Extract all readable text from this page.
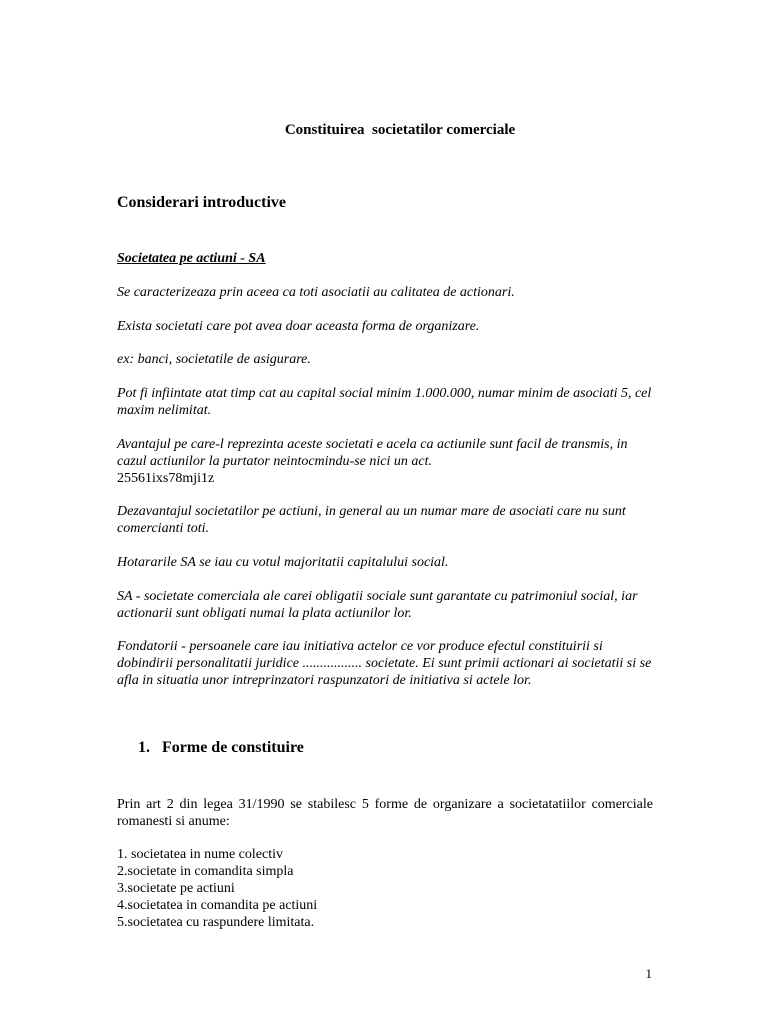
Constituirea  societatilor comerciale
Considerari introductive
Societatea pe actiuni - SA
Se caracterizeaza prin aceea ca toti asociatii au calitatea de actionari.
Exista societati care pot avea doar aceasta forma de organizare.
ex: banci, societatile de asigurare.
Pot fi infiintate atat timp cat au capital social minim 1.000.000, numar minim de asociati 5, cel maxim nelimitat.
Avantajul pe care-l reprezinta aceste societati e acela ca actiunile sunt facil de transmis, in cazul actiunilor la purtator neintocmindu-se nici un act.
25561ixs78mji1z
Dezavantajul societatilor pe actiuni, in general au un numar mare de asociati care nu sunt comercianti toti.
Hotararile SA se iau cu votul majoritatii capitalului social.
SA - societate comerciala ale carei obligatii sociale sunt garantate cu patrimoniul social, iar actionarii sunt obligati numai la plata actiunilor lor.
Fondatorii - persoanele care iau initiativa actelor ce vor produce efectul constituirii si dobindirii personalitatii juridice ................. societate. Ei sunt primii actionari ai societatii si se afla in situatia unor intreprinzatori raspunzatori de initiativa si actele lor.
1. Forme de constituire
Prin art 2 din legea 31/1990 se stabilesc 5 forme de organizare a societatatiilor comerciale romanesti si anume:
1. societatea in nume colectiv
2.societate in comandita simpla
3.societate pe actiuni
4.societatea in comandita pe actiuni
5.societatea cu raspundere limitata.
1
